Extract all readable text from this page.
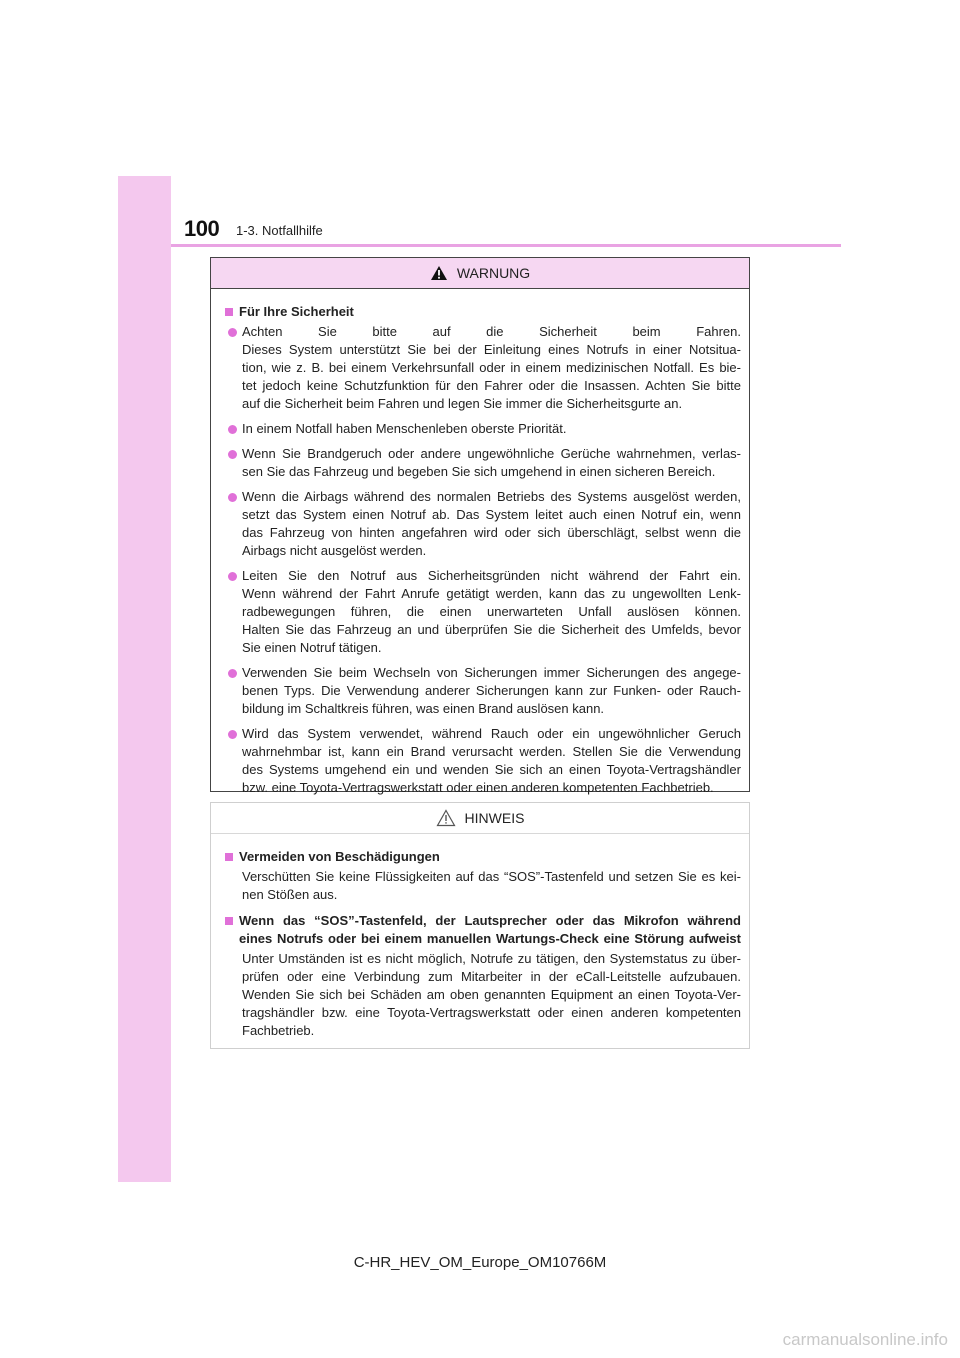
100 1-3. Notfallhilfe
WARNUNG
Für Ihre Sicherheit
Achten Sie bitte auf die Sicherheit beim Fahren.
Dieses System unterstützt Sie bei der Einleitung eines Notrufs in einer Notsitua-
tion, wie z. B. bei einem Verkehrsunfall oder in einem medizinischen Notfall. Es bie-
tet jedoch keine Schutzfunktion für den Fahrer oder die Insassen. Achten Sie bitte
auf die Sicherheit beim Fahren und legen Sie immer die Sicherheitsgurte an.
In einem Notfall haben Menschenleben oberste Priorität.
Wenn Sie Brandgeruch oder andere ungewöhnliche Gerüche wahrnehmen, verlas-
sen Sie das Fahrzeug und begeben Sie sich umgehend in einen sicheren Bereich.
Wenn die Airbags während des normalen Betriebs des Systems ausgelöst werden,
setzt das System einen Notruf ab. Das System leitet auch einen Notruf ein, wenn
das Fahrzeug von hinten angefahren wird oder sich überschlägt, selbst wenn die
Airbags nicht ausgelöst werden.
Leiten Sie den Notruf aus Sicherheitsgründen nicht während der Fahrt ein.
Wenn während der Fahrt Anrufe getätigt werden, kann das zu ungewollten Lenk-
radbewegungen führen, die einen unerwarteten Unfall auslösen können.
Halten Sie das Fahrzeug an und überprüfen Sie die Sicherheit des Umfelds, bevor
Sie einen Notruf tätigen.
Verwenden Sie beim Wechseln von Sicherungen immer Sicherungen des angege-
benen Typs. Die Verwendung anderer Sicherungen kann zur Funken- oder Rauch-
bildung im Schaltkreis führen, was einen Brand auslösen kann.
Wird das System verwendet, während Rauch oder ein ungewöhnlicher Geruch
wahrnehmbar ist, kann ein Brand verursacht werden. Stellen Sie die Verwendung
des Systems umgehend ein und wenden Sie sich an einen Toyota-Vertragshändler
bzw. eine Toyota-Vertragswerkstatt oder einen anderen kompetenten Fachbetrieb.
HINWEIS
Vermeiden von Beschädigungen
Verschütten Sie keine Flüssigkeiten auf das “SOS”-Tastenfeld und setzen Sie es kei-
nen Stößen aus.
Wenn das “SOS”-Tastenfeld, der Lautsprecher oder das Mikrofon während
eines Notrufs oder bei einem manuellen Wartungs-Check eine Störung aufweist
Unter Umständen ist es nicht möglich, Notrufe zu tätigen, den Systemstatus zu über-
prüfen oder eine Verbindung zum Mitarbeiter in der eCall-Leitstelle aufzubauen.
Wenden Sie sich bei Schäden am oben genannten Equipment an einen Toyota-Ver-
tragshändler bzw. eine Toyota-Vertragswerkstatt oder einen anderen kompetenten
Fachbetrieb.
C-HR_HEV_OM_Europe_OM10766M
carmanualsonline.info
